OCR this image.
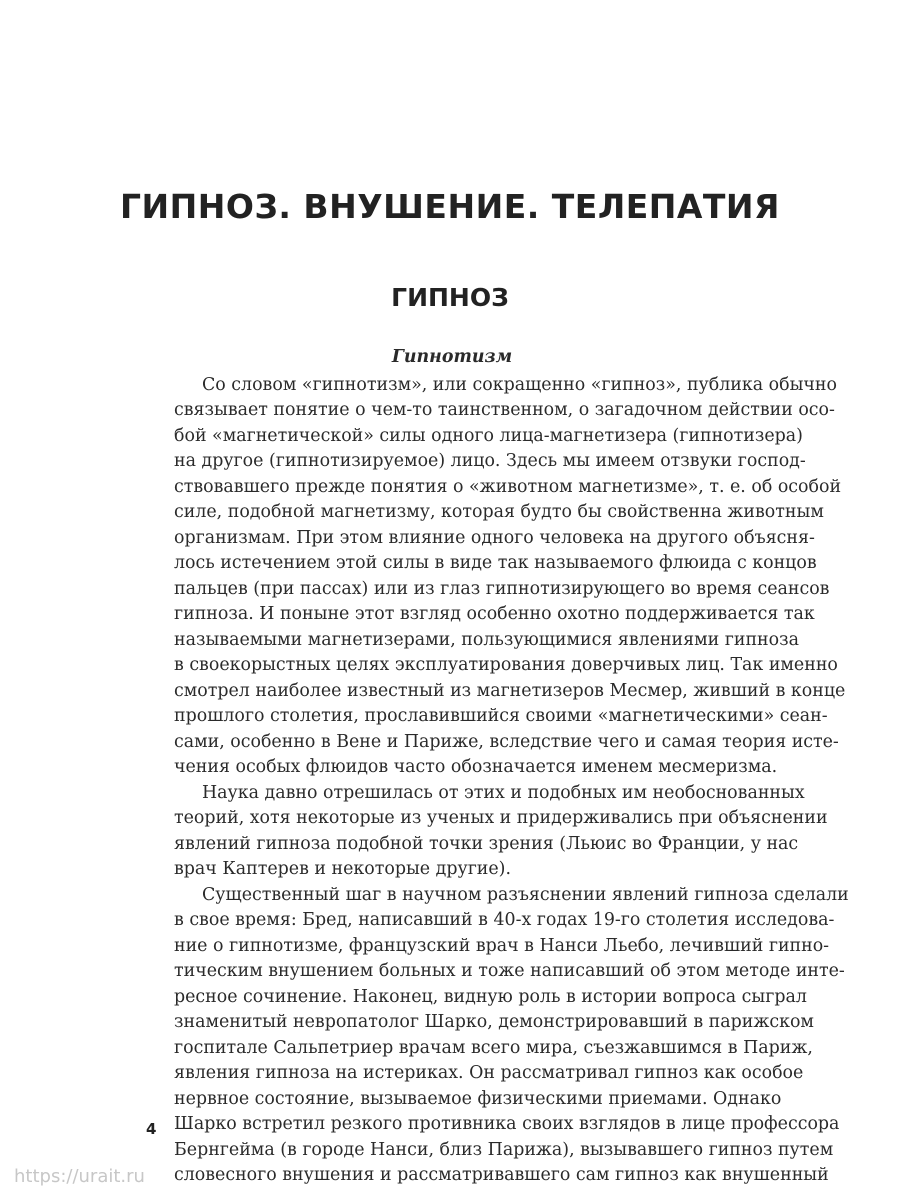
ГИПНОЗ. ВНУШЕНИЕ. ТЕЛЕПАТИЯ
ГИПНОЗ
Гипнотизм
Со словом «гипнотизм», или сокращенно «гипноз», публика обычно
связывает понятие о чем-то таинственном, о загадочном действии осо-
бой «магнетической» силы одного лица-магнетизера (гипнотизера)
на другое (гипнотизируемое) лицо. Здесь мы имеем отзвуки господ-
ствовавшего прежде понятия о «животном магнетизме», т. е. об особой
силе, подобной магнетизму, которая будто бы свойственна животным
организмам. При этом влияние одного человека на другого объясня-
лось истечением этой силы в виде так называемого флюида с концов
пальцев (при пассах) или из глаз гипнотизирующего во время сеансов
гипноза. И поныне этот взгляд особенно охотно поддерживается так
называемыми магнетизерами, пользующимися явлениями гипноза
в своекорыстных целях эксплуатирования доверчивых лиц. Так именно
смотрел наиболее известный из магнетизеров Месмер, живший в конце
прошлого столетия, прославившийся своими «магнетическими» сеан-
сами, особенно в Вене и Париже, вследствие чего и самая теория исте-
чения особых флюидов часто обозначается именем месмеризма.
Наука давно отрешилась от этих и подобных им необоснованных
теорий, хотя некоторые из ученых и придерживались при объяснении
явлений гипноза подобной точки зрения (Льюис во Франции, у нас
врач Каптерев и некоторые другие).
Существенный шаг в научном разъяснении явлений гипноза сделали
в свое время: Бред, написавший в 40-х годах 19-го столетия исследова-
ние о гипнотизме, французский врач в Нанси Льебо, лечивший гипно-
тическим внушением больных и тоже написавший об этом методе инте-
ресное сочинение. Наконец, видную роль в истории вопроса сыграл
знаменитый невропатолог Шарко, демонстрировавший в парижском
госпитале Сальпетриер врачам всего мира, съезжавшимся в Париж,
явления гипноза на истериках. Он рассматривал гипноз как особое
нервное состояние, вызываемое физическими приемами. Однако
Шарко встретил резкого противника своих взглядов в лице профессора
Бернгейма (в городе Нанси, близ Парижа), вызывавшего гипноз путем
словесного внушения и рассматривавшего сам гипноз как внушенный
4
https://urait.ru
